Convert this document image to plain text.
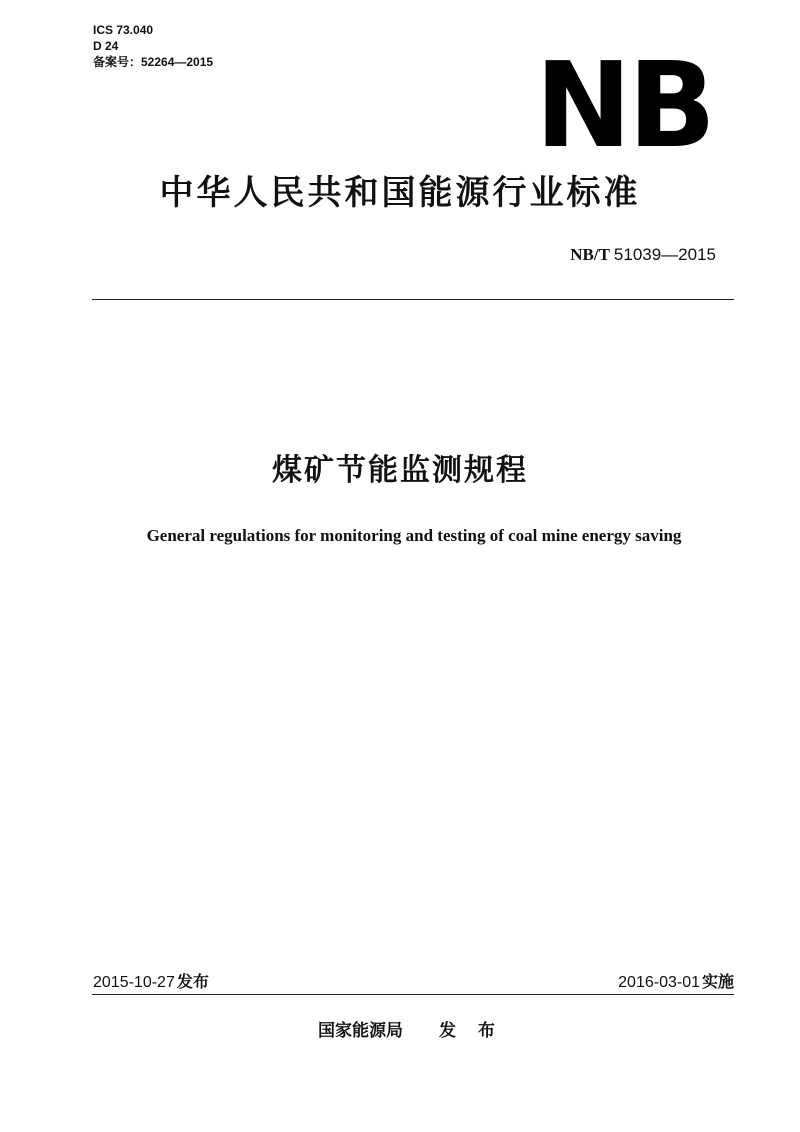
ICS 73.040
D 24
备案号：52264—2015	NB
中华人民共和国能源行业标准
NB/T 51039—2015
煤矿节能监测规程
General regulations for monitoring and testing of coal mine energy saving
2015-10-27 发布	2016-03-01 实施
国家能源局 发 布
